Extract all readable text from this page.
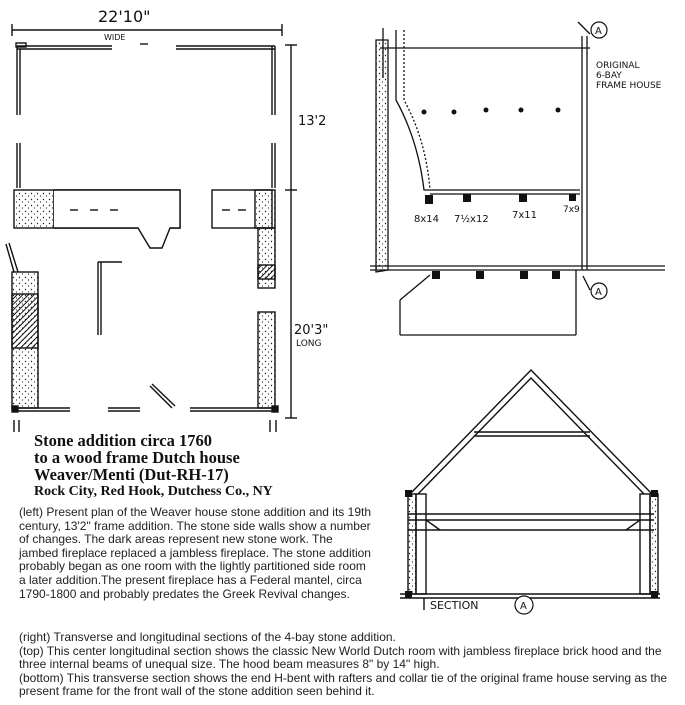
22'10"
WIDE
13'2
20'3"
LONG
A
A
ORIGINAL
6-BAY
FRAME HOUSE
8x14 7½x12 7x11	7x9
SECTION	A
Stone addition circa 1760
to a wood frame Dutch house
Weaver/Menti (Dut-RH-17)
Rock City, Red Hook, Dutchess Co., NY

(left) Present plan of the Weaver house stone addition and its 19th century, 13'2" frame addition. The stone side walls show a number of changes. The dark areas represent new stone work. The jambed fireplace replaced a jambless fireplace. The stone addition probably began as one room with the lightly partitioned side room a later addition.The present fireplace has a Federal mantel, circa 1790-1800 and probably predates the Greek Revival changes.

(right) Transverse and longitudinal sections of the 4-bay stone addition.

(top) This center longitudinal section shows the classic New World Dutch room with jambless fireplace brick hood and the three internal beams of unequal size. The hood beam measures 8" by 14" high.

(bottom) This transverse section shows the end H-bent with rafters and collar tie of the original frame house serving as the present frame for the front wall of the stone addition seen behind it.
